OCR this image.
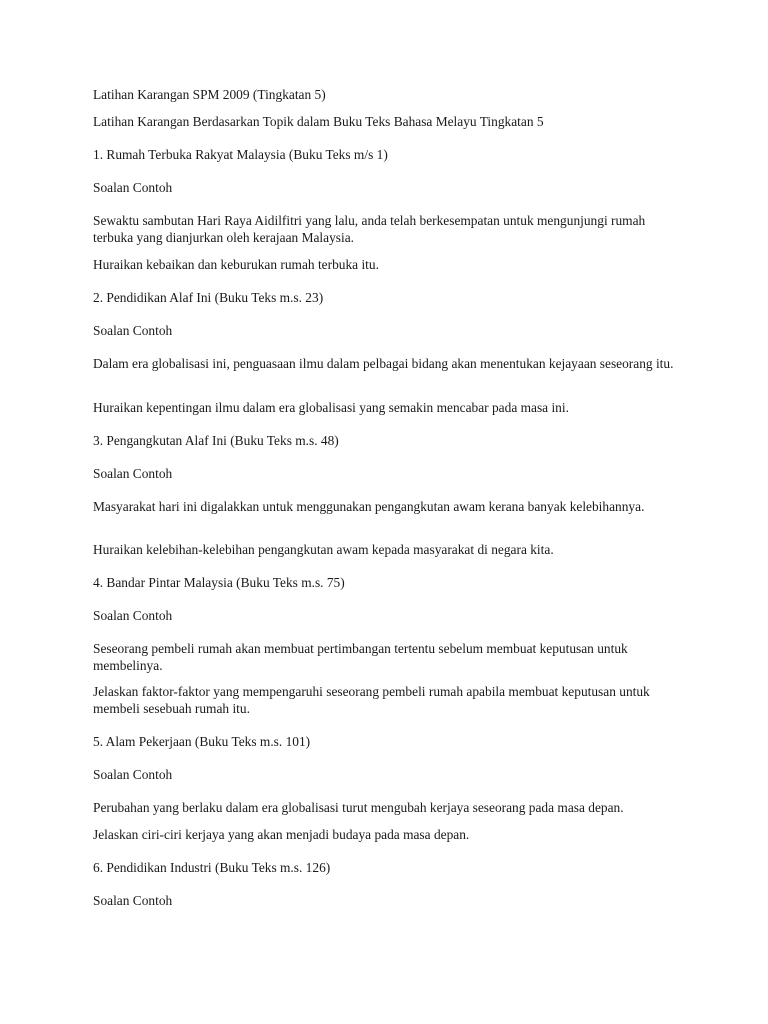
Latihan Karangan SPM 2009 (Tingkatan 5)

Latihan Karangan Berdasarkan Topik dalam Buku Teks Bahasa Melayu Tingkatan 5

1. Rumah Terbuka Rakyat Malaysia (Buku Teks m/s 1)

Soalan Contoh

Sewaktu sambutan Hari Raya Aidilfitri yang lalu, anda telah berkesempatan untuk mengunjungi rumah terbuka yang dianjurkan oleh kerajaan Malaysia.

Huraikan kebaikan dan keburukan rumah terbuka itu.

2. Pendidikan Alaf Ini (Buku Teks m.s. 23)

Soalan Contoh

Dalam era globalisasi ini, penguasaan ilmu dalam pelbagai bidang akan menentukan kejayaan seseorang itu.

Huraikan kepentingan ilmu dalam era globalisasi yang semakin mencabar pada masa ini.

3. Pengangkutan Alaf Ini (Buku Teks m.s. 48)

Soalan Contoh

Masyarakat hari ini digalakkan untuk menggunakan pengangkutan awam kerana banyak kelebihannya.

Huraikan kelebihan-kelebihan pengangkutan awam kepada masyarakat di negara kita.

4. Bandar Pintar Malaysia (Buku Teks m.s. 75)

Soalan Contoh

Seseorang pembeli rumah akan membuat pertimbangan tertentu sebelum membuat keputusan untuk membelinya.

Jelaskan faktor-faktor yang mempengaruhi seseorang pembeli rumah apabila membuat keputusan untuk membeli sesebuah rumah itu.

5. Alam Pekerjaan (Buku Teks m.s. 101)

Soalan Contoh

Perubahan yang berlaku dalam era globalisasi turut mengubah kerjaya seseorang pada masa depan.

Jelaskan ciri-ciri kerjaya yang akan menjadi budaya pada masa depan.

6. Pendidikan Industri (Buku Teks m.s. 126)

Soalan Contoh
